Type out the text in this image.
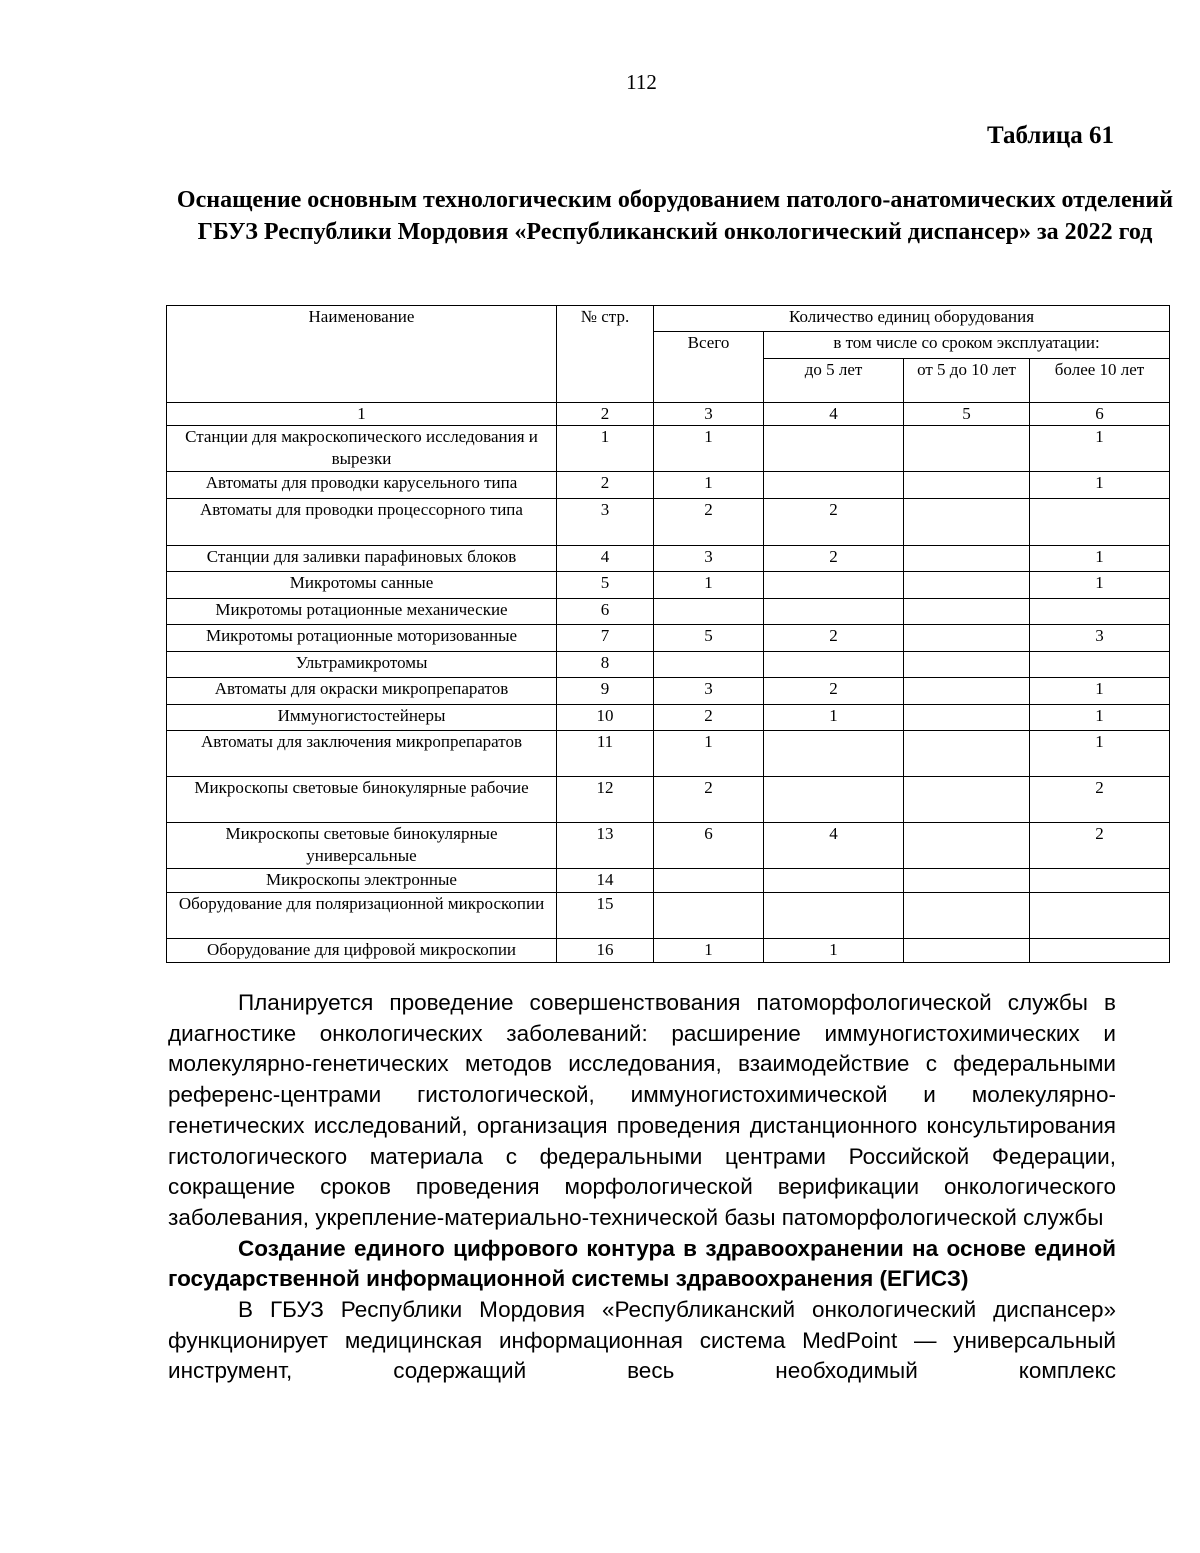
112
Таблица 61
Оснащение основным технологическим оборудованием патолого-анатомических отделений ГБУЗ Республики Мордовия «Республиканский онкологический диспансер» за 2022 год
Наименование	№ стр.	Количество единиц оборудования			
		Всего	в том числе со сроком эксплуатации:		
			до 5 лет	от 5 до 10 лет	более 10 лет
1	2	3	4	5	6
Станции для макроскопического исследования и вырезки	1	1			1
Автоматы для проводки карусельного типа	2	1			1
Автоматы для проводки процессорного типа	3	2	2		
Станции для заливки парафиновых блоков	4	3	2		1
Микротомы санные	5	1			1
Микротомы ротационные механические	6				
Микротомы ротационные моторизованные	7	5	2		3
Ультрамикротомы	8				
Автоматы для окраски микропрепаратов	9	3	2		1
Иммуногистостейнеры	10	2	1		1
Автоматы для заключения микропрепаратов	11	1			1
Микроскопы световые бинокулярные рабочие	12	2			2
Микроскопы световые бинокулярные универсальные	13	6	4		2
Микроскопы электронные	14				
Оборудование для поляризационной микроскопии	15				
Оборудование для цифровой микроскопии	16	1	1		

Планируется проведение совершенствования патоморфологической службы в диагностике онкологических заболеваний: расширение иммуногистохимических и молекулярно-генетических методов исследования, взаимодействие с федеральными референс-центрами гистологической, иммуногистохимической и молекулярно-генетических исследований, организация проведения дистанционного консультирования гистологического материала с федеральными центрами Российской Федерации, сокращение сроков проведения морфологической верификации онкологического заболевания, укрепление-материально-технической базы патоморфологической службы

Создание единого цифрового контура в здравоохранении на основе единой государственной информационной системы здравоохранения (ЕГИСЗ)

В ГБУЗ Республики Мордовия «Республиканский онкологический диспансер» функционирует медицинская информационная система MedPoint — универсальный инструмент, содержащий весь необходимый комплекс
